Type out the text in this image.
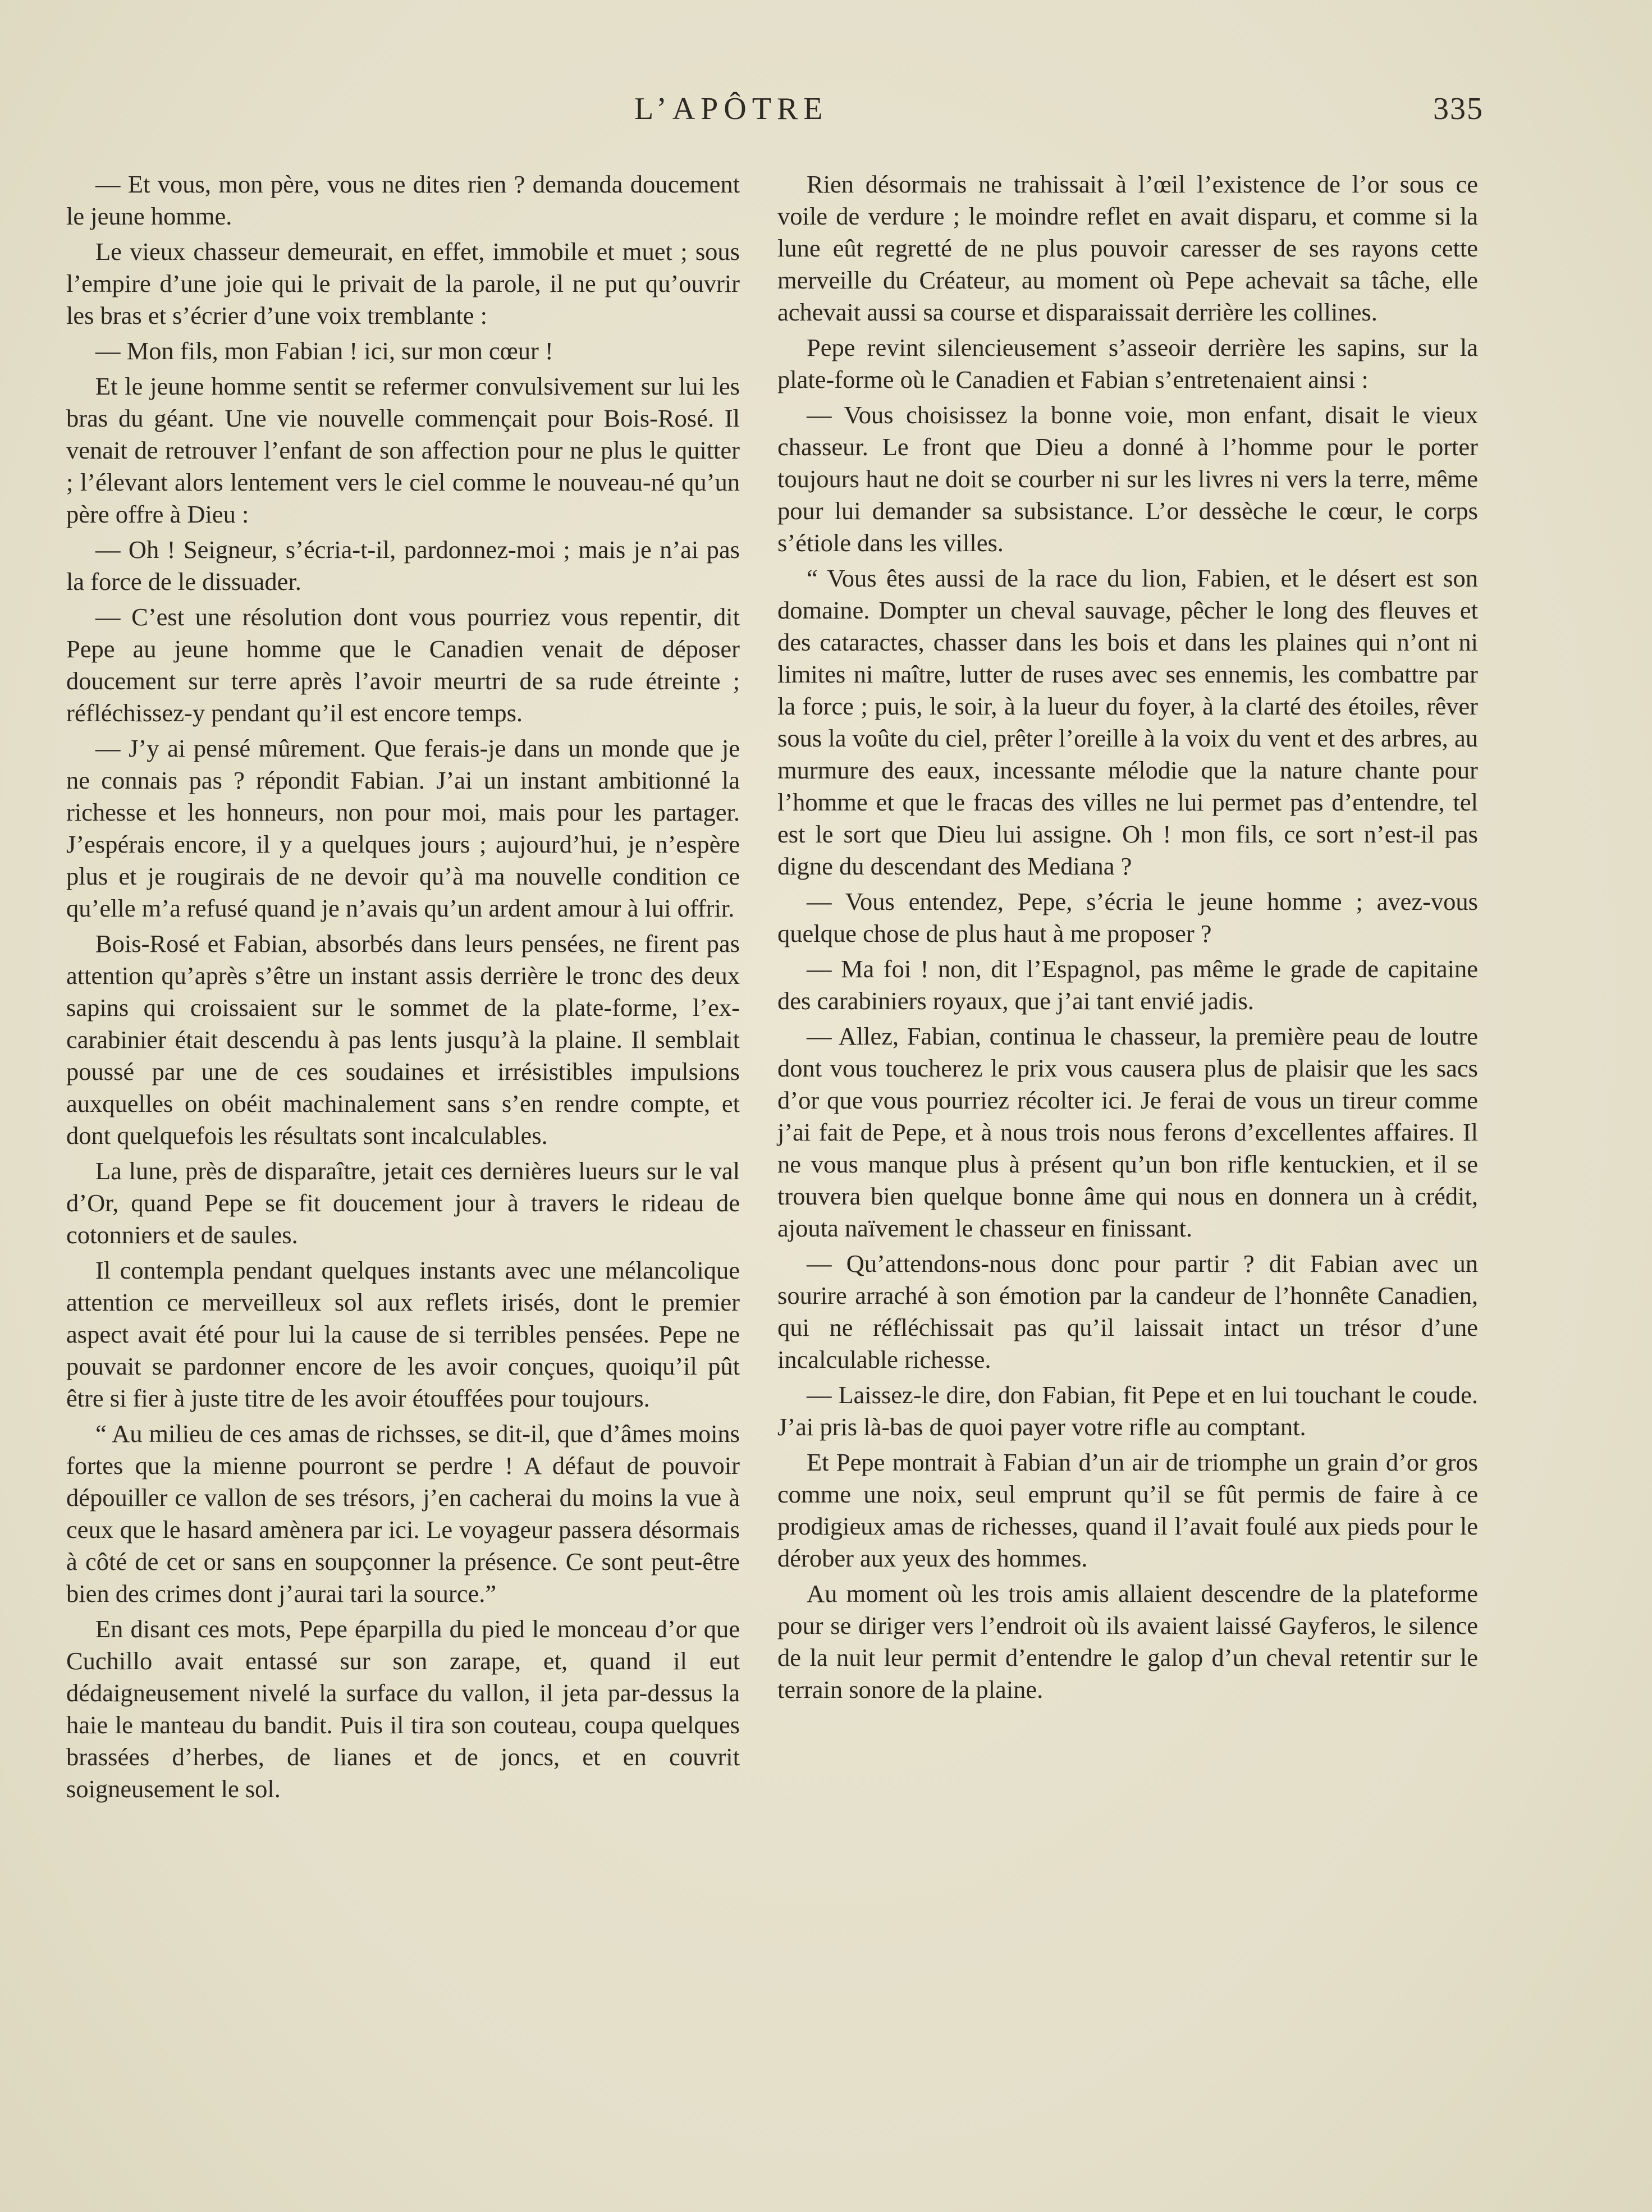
L’APÔTRE	335

— Et vous, mon père, vous ne dites rien ? demanda doucement le jeune homme.

Le vieux chasseur demeurait, en effet, immobile et muet ; sous l’empire d’une joie qui le privait de la parole, il ne put qu’ouvrir les bras et s’écrier d’une voix tremblante :

— Mon fils, mon Fabian ! ici, sur mon cœur !

Et le jeune homme sentit se refermer convulsivement sur lui les bras du géant. Une vie nouvelle commençait pour Bois-Rosé. Il venait de retrouver l’enfant de son affection pour ne plus le quitter ; l’élevant alors lentement vers le ciel comme le nouveau-né qu’un père offre à Dieu :

— Oh ! Seigneur, s’écria-t-il, pardonnez-moi ; mais je n’ai pas la force de le dissuader.

— C’est une résolution dont vous pourriez vous repentir, dit Pepe au jeune homme que le Canadien venait de déposer doucement sur terre après l’avoir meurtri de sa rude étreinte ; réfléchissez-y pendant qu’il est encore temps.

— J’y ai pensé mûrement. Que ferais-je dans un monde que je ne connais pas ? répondit Fabian. J’ai un instant ambitionné la richesse et les honneurs, non pour moi, mais pour les partager. J’espérais encore, il y a quelques jours ; aujourd’hui, je n’espère plus et je rougirais de ne devoir qu’à ma nouvelle condition ce qu’elle m’a refusé quand je n’avais qu’un ardent amour à lui offrir.

Bois-Rosé et Fabian, absorbés dans leurs pensées, ne firent pas attention qu’après s’être un instant assis derrière le tronc des deux sapins qui croissaient sur le sommet de la plate-forme, l’ex-carabinier était descendu à pas lents jusqu’à la plaine. Il semblait poussé par une de ces soudaines et irrésistibles impulsions auxquelles on obéit machinalement sans s’en rendre compte, et dont quelquefois les résultats sont incalculables.

La lune, près de disparaître, jetait ces dernières lueurs sur le val d’Or, quand Pepe se fit doucement jour à travers le rideau de cotonniers et de saules.

Il contempla pendant quelques instants avec une mélancolique attention ce merveilleux sol aux reflets irisés, dont le premier aspect avait été pour lui la cause de si terribles pensées. Pepe ne pouvait se pardonner encore de les avoir conçues, quoiqu’il pût être si fier à juste titre de les avoir étouffées pour toujours.

“ Au milieu de ces amas de richsses, se dit-il, que d’âmes moins fortes que la mienne pourront se perdre ! A défaut de pouvoir dépouiller ce vallon de ses trésors, j’en cacherai du moins la vue à ceux que le hasard amènera par ici. Le voyageur passera désormais à côté de cet or sans en soupçonner la présence. Ce sont peut-être bien des crimes dont j’aurai tari la source.”

En disant ces mots, Pepe éparpilla du pied le monceau d’or que Cuchillo avait entassé sur son zarape, et, quand il eut dédaigneusement nivelé la surface du vallon, il jeta par-dessus la haie le manteau du bandit. Puis il tira son couteau, coupa quelques brassées d’herbes, de lianes et de joncs, et en couvrit soigneusement le sol.

Rien désormais ne trahissait à l’œil l’existence de l’or sous ce voile de verdure ; le moindre reflet en avait disparu, et comme si la lune eût regretté de ne plus pouvoir caresser de ses rayons cette merveille du Créateur, au moment où Pepe achevait sa tâche, elle achevait aussi sa course et disparaissait derrière les collines.

Pepe revint silencieusement s’asseoir derrière les sapins, sur la plate-forme où le Canadien et Fabian s’entretenaient ainsi :

— Vous choisissez la bonne voie, mon enfant, disait le vieux chasseur. Le front que Dieu a donné à l’homme pour le porter toujours haut ne doit se courber ni sur les livres ni vers la terre, même pour lui demander sa subsistance. L’or dessèche le cœur, le corps s’étiole dans les villes.

“ Vous êtes aussi de la race du lion, Fabien, et le désert est son domaine. Dompter un cheval sauvage, pêcher le long des fleuves et des cataractes, chasser dans les bois et dans les plaines qui n’ont ni limites ni maître, lutter de ruses avec ses ennemis, les combattre par la force ; puis, le soir, à la lueur du foyer, à la clarté des étoiles, rêver sous la voûte du ciel, prêter l’oreille à la voix du vent et des arbres, au murmure des eaux, incessante mélodie que la nature chante pour l’homme et que le fracas des villes ne lui permet pas d’entendre, tel est le sort que Dieu lui assigne. Oh ! mon fils, ce sort n’est-il pas digne du descendant des Mediana ?

— Vous entendez, Pepe, s’écria le jeune homme ; avez-vous quelque chose de plus haut à me proposer ?

— Ma foi ! non, dit l’Espagnol, pas même le grade de capitaine des carabiniers royaux, que j’ai tant envié jadis.

— Allez, Fabian, continua le chasseur, la première peau de loutre dont vous toucherez le prix vous causera plus de plaisir que les sacs d’or que vous pourriez récolter ici. Je ferai de vous un tireur comme j’ai fait de Pepe, et à nous trois nous ferons d’excellentes affaires. Il ne vous manque plus à présent qu’un bon rifle kentuckien, et il se trouvera bien quelque bonne âme qui nous en donnera un à crédit, ajouta naïvement le chasseur en finissant.

— Qu’attendons-nous donc pour partir ? dit Fabian avec un sourire arraché à son émotion par la candeur de l’honnête Canadien, qui ne réfléchissait pas qu’il laissait intact un trésor d’une incalculable richesse.

— Laissez-le dire, don Fabian, fit Pepe et en lui touchant le coude. J’ai pris là-bas de quoi payer votre rifle au comptant.

Et Pepe montrait à Fabian d’un air de triomphe un grain d’or gros comme une noix, seul emprunt qu’il se fût permis de faire à ce prodigieux amas de richesses, quand il l’avait foulé aux pieds pour le dérober aux yeux des hommes.

Au moment où les trois amis allaient descendre de la plateforme pour se diriger vers l’endroit où ils avaient laissé Gayferos, le silence de la nuit leur permit d’entendre le galop d’un cheval retentir sur le terrain sonore de la plaine.
